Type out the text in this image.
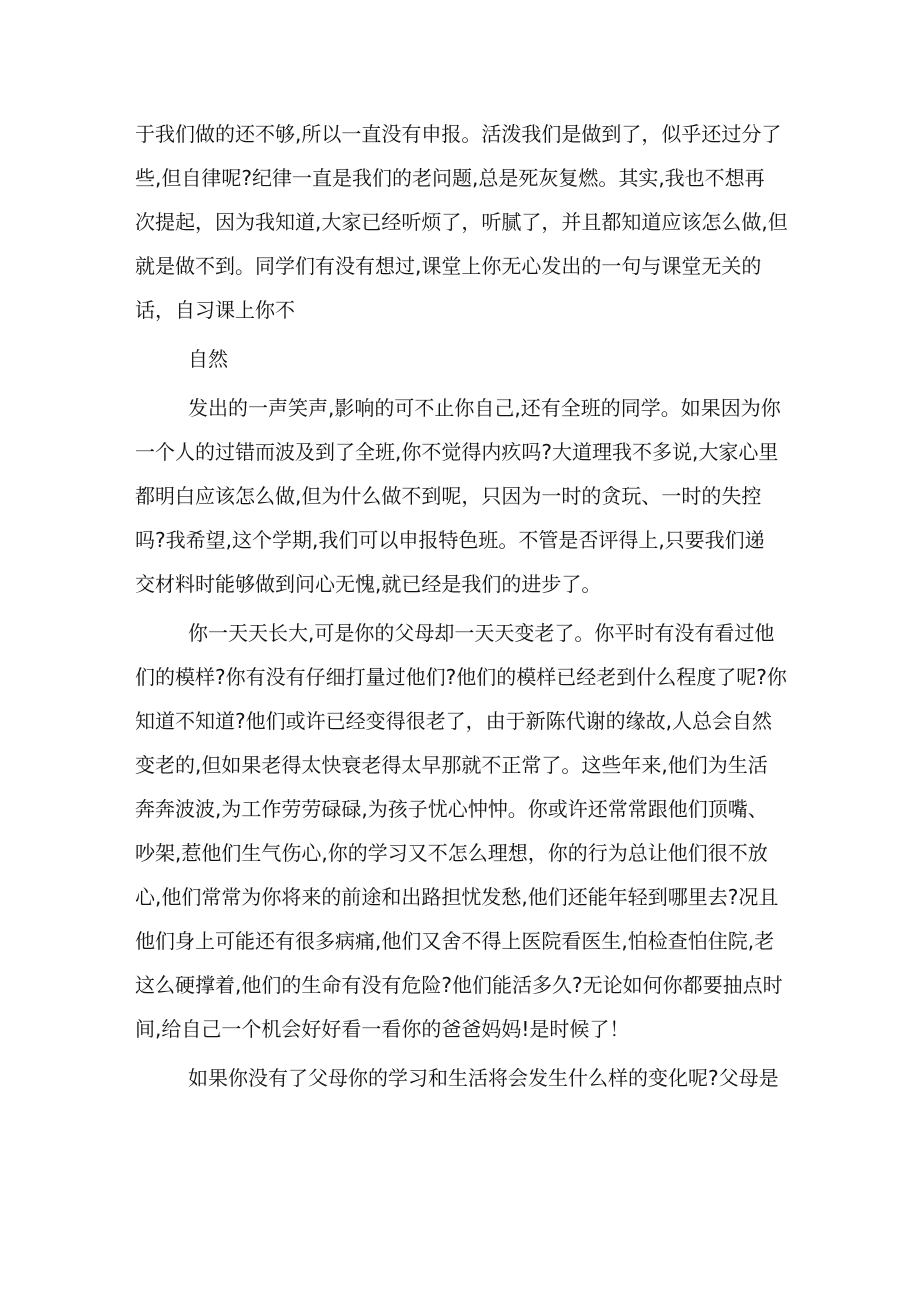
于我们做的还不够,所以一直没有申报。活泼我们是做到了，似乎还过分了
些,但自律呢?纪律一直是我们的老问题,总是死灰复燃。其实,我也不想再
次提起，因为我知道,大家已经听烦了，听腻了，并且都知道应该怎么做,但
就是做不到。同学们有没有想过,课堂上你无心发出的一句与课堂无关的
话，自习课上你不
自然
发出的一声笑声,影响的可不止你自己,还有全班的同学。如果因为你
一个人的过错而波及到了全班,你不觉得内疚吗?大道理我不多说,大家心里
都明白应该怎么做,但为什么做不到呢，只因为一时的贪玩、一时的失控
吗?我希望,这个学期,我们可以申报特色班。不管是否评得上,只要我们递
交材料时能够做到问心无愧,就已经是我们的进步了。
你一天天长大,可是你的父母却一天天变老了。你平时有没有看过他
们的模样?你有没有仔细打量过他们?他们的模样已经老到什么程度了呢?你
知道不知道?他们或许已经变得很老了，由于新陈代谢的缘故,人总会自然
变老的,但如果老得太快衰老得太早那就不正常了。这些年来,他们为生活
奔奔波波,为工作劳劳碌碌,为孩子忧心忡忡。你或许还常常跟他们顶嘴、
吵架,惹他们生气伤心,你的学习又不怎么理想，你的行为总让他们很不放
心,他们常常为你将来的前途和出路担忧发愁,他们还能年轻到哪里去?况且
他们身上可能还有很多病痛,他们又舍不得上医院看医生,怕检查怕住院,老
这么硬撑着,他们的生命有没有危险?他们能活多久?无论如何你都要抽点时
间,给自己一个机会好好看一看你的爸爸妈妈!是时候了！
如果你没有了父母你的学习和生活将会发生什么样的变化呢?父母是
